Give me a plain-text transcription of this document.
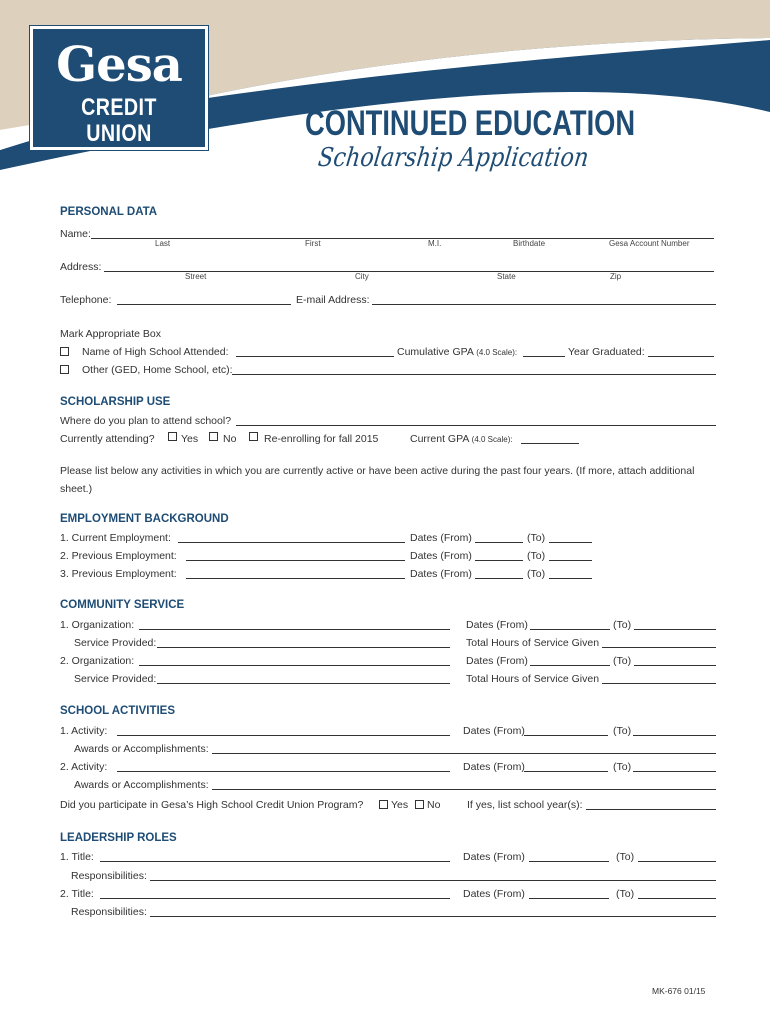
Gesa
CREDIT UNION	CONTINUED EDUCATION
Scholarship Application
PERSONAL DATA
Name:
Last	First	M.I.	Birthdate	Gesa Account Number
Address:
Street	City	State	Zip
Telephone:	E-mail Address:
Mark Appropriate Box
Name of High School Attended:	Cumulative GPA (4.0 Scale):	Year Graduated:
Other (GED, Home School, etc):
SCHOLARSHIP USE
Where do you plan to attend school?
Currently attending?	Yes No	Re-enrolling for fall 2015	Current GPA (4.0 Scale):
Please list below any activities in which you are currently active or have been active during the past four years. (If more, attach additional sheet.)
EMPLOYMENT BACKGROUND
1. Current Employment:	Dates (From)	(To)
2. Previous Employment:	Dates (From)	(To)
3. Previous Employment:	Dates (From)	(To)
COMMUNITY SERVICE
1. Organization:	Dates (From)	(To)
Service Provided:	Total Hours of Service Given
2. Organization:	Dates (From)	(To)
Service Provided:	Total Hours of Service Given
SCHOOL ACTIVITIES
1. Activity:	Dates (From)	(To)
Awards or Accomplishments:
2. Activity:	Dates (From)	(To)
Awards or Accomplishments:
Did you participate in Gesa’s High School Credit Union Program?	Yes No	If yes, list school year(s):
LEADERSHIP ROLES
1. Title:	Dates (From)	(To)
Responsibilities:
2. Title:	Dates (From)	(To)
Responsibilities:
MK-676 01/15
